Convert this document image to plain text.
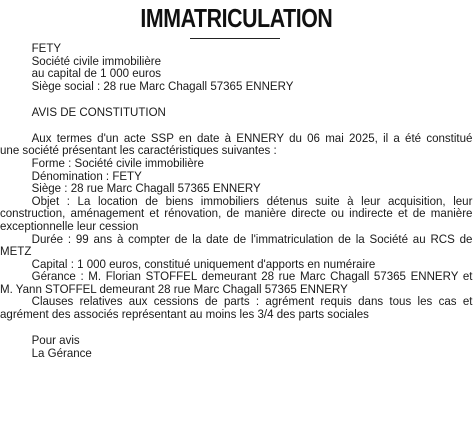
IMMATRICULATION
FETY
Société civile immobilière
au capital de 1 000 euros
Siège social : 28 rue Marc Chagall 57365 ENNERY
AVIS DE CONSTITUTION
Aux termes d'un acte SSP en date à ENNERY du 06 mai 2025, il a été constitué
une société présentant les caractéristiques suivantes :
Forme : Société civile immobilière
Dénomination : FETY
Siège : 28 rue Marc Chagall 57365 ENNERY
Objet : La location de biens immobiliers détenus suite à leur acquisition, leur
construction, aménagement et rénovation, de manière directe ou indirecte et de manière
exceptionnelle leur cession
Durée : 99 ans à compter de la date de l'immatriculation de la Société au RCS de
METZ
Capital : 1 000 euros, constitué uniquement d'apports en numéraire
Gérance : M. Florian STOFFEL demeurant 28 rue Marc Chagall 57365 ENNERY et
M. Yann STOFFEL demeurant 28 rue Marc Chagall 57365 ENNERY
Clauses relatives aux cessions de parts : agrément requis dans tous les cas et
agrément des associés représentant au moins les 3/4 des parts sociales
Pour avis
La Gérance
